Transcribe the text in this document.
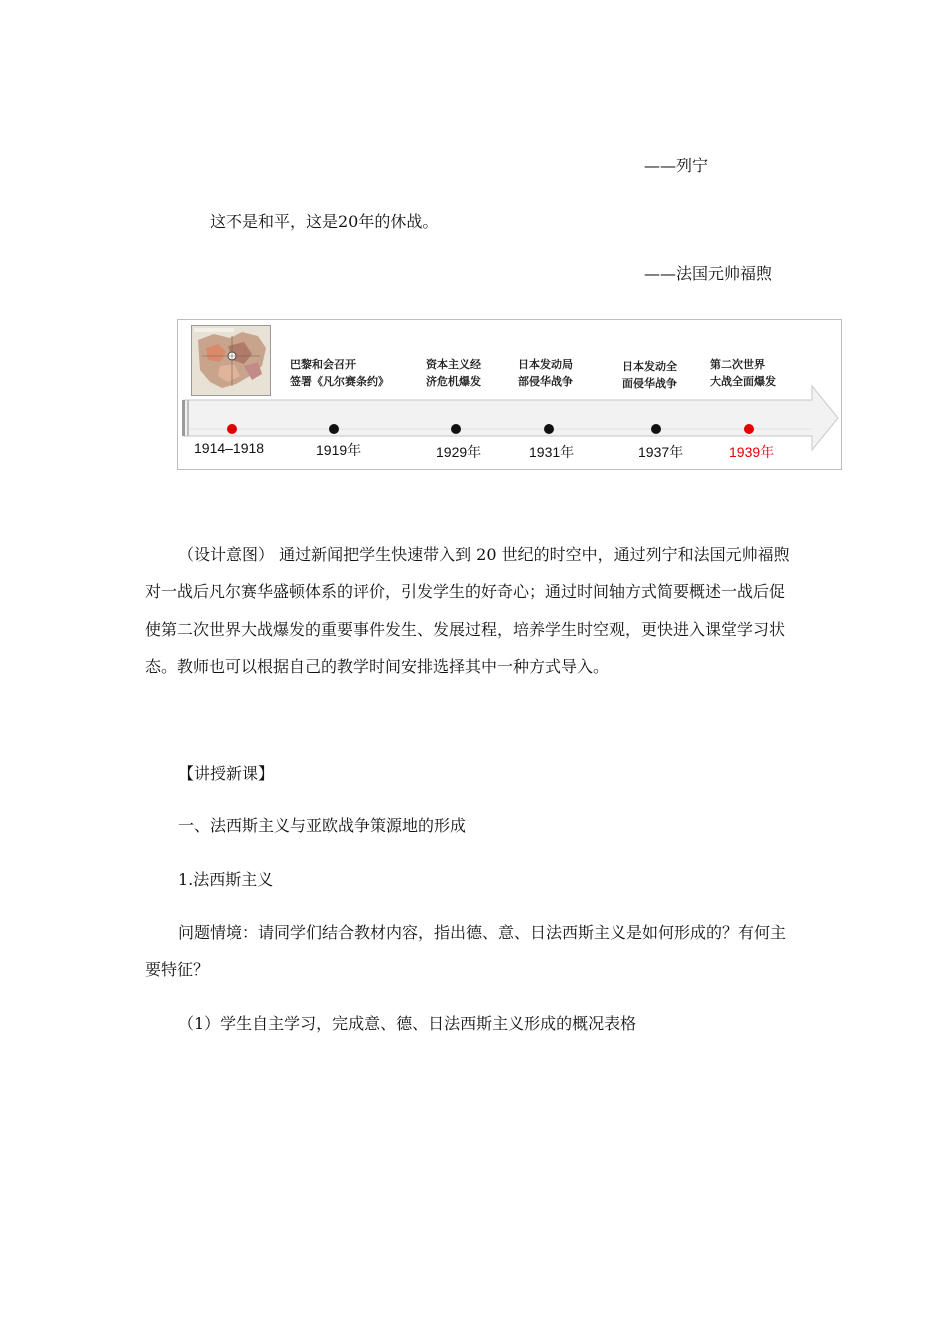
——列宁
这不是和平，这是20年的休战。
——法国元帅福煦
巴黎和会召开
签署《凡尔赛条约》
资本主义经
济危机爆发
日本发动局
部侵华战争
日本发动全
面侵华战争
第二次世界
大战全面爆发
1914–1918	1919年	1929年	1931年	1937年	1939年
（设计意图） 通过新闻把学生快速带入到 20 世纪的时空中，通过列宁和法国元帅福煦
对一战后凡尔赛华盛顿体系的评价，引发学生的好奇心；通过时间轴方式简要概述一战后促
使第二次世界大战爆发的重要事件发生、发展过程，培养学生时空观，更快进入课堂学习状
态。教师也可以根据自己的教学时间安排选择其中一种方式导入。
【讲授新课】
一、法西斯主义与亚欧战争策源地的形成
1.法西斯主义
问题情境：请同学们结合教材内容，指出德、意、日法西斯主义是如何形成的？有何主
要特征？
（1）学生自主学习，完成意、德、日法西斯主义形成的概况表格
